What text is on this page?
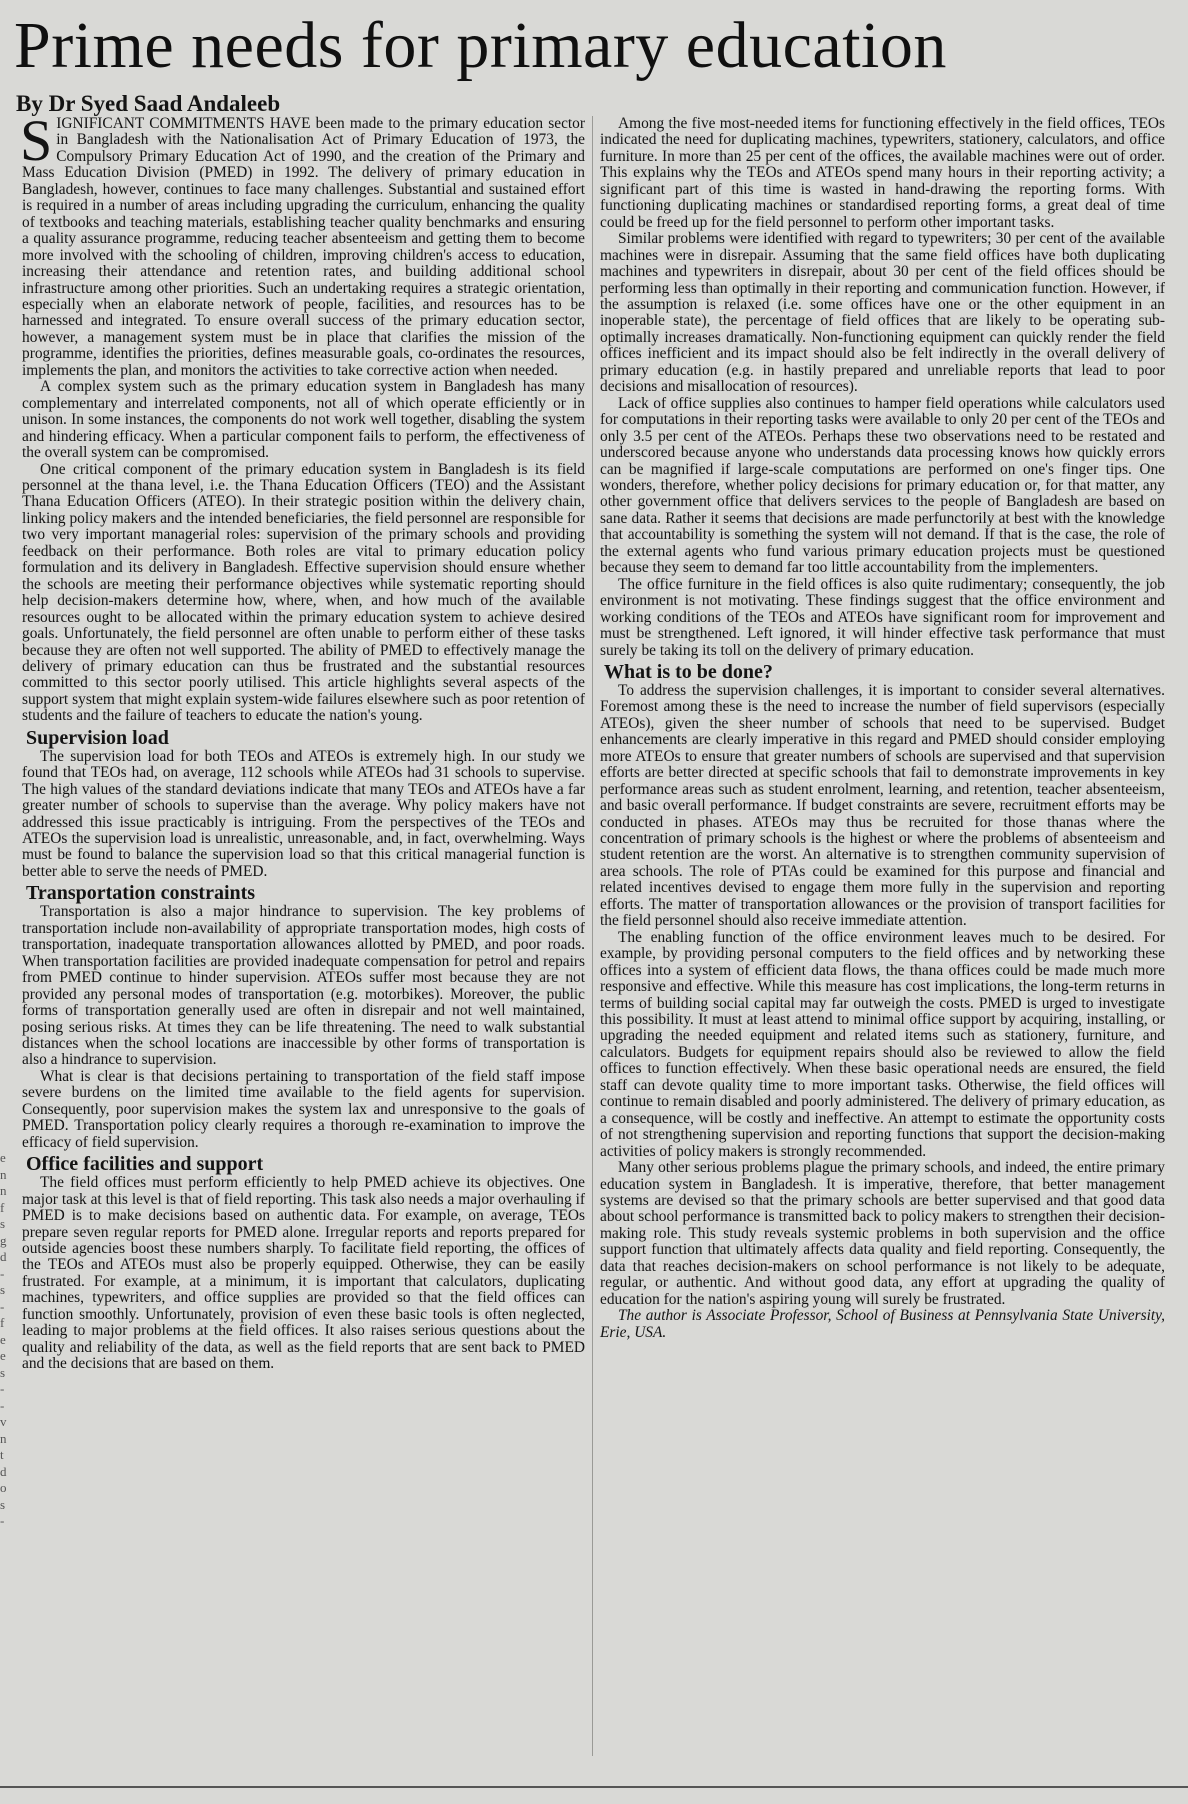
Prime needs for primary education
By Dr Syed Saad Andaleeb

SIGNIFICANT COMMITMENTS HAVE been made to the primary education sector in Bangladesh with the Nationalisation Act of Primary Education of 1973, the Compulsory Primary Education Act of 1990, and the creation of the Primary and Mass Education Division (PMED) in 1992. The delivery of primary education in Bangladesh, however, continues to face many challenges. Substantial and sustained effort is required in a number of areas including upgrading the curriculum, enhancing the quality of textbooks and teaching materials, establishing teacher quality benchmarks and ensuring a quality assurance programme, reducing teacher absenteeism and getting them to become more involved with the schooling of children, improving children's access to education, increasing their attendance and retention rates, and building additional school infrastructure among other priorities. Such an undertaking requires a strategic orientation, especially when an elaborate network of people, facilities, and resources has to be harnessed and integrated. To ensure overall success of the primary education sector, however, a management system must be in place that clarifies the mission of the programme, identifies the priorities, defines measurable goals, co-ordinates the resources, implements the plan, and monitors the activities to take corrective action when needed.

A complex system such as the primary education system in Bangladesh has many complementary and interrelated components, not all of which operate efficiently or in unison. In some instances, the components do not work well together, disabling the system and hindering efficacy. When a particular component fails to perform, the effectiveness of the overall system can be compromised.

One critical component of the primary education system in Bangladesh is its field personnel at the thana level, i.e. the Thana Education Officers (TEO) and the Assistant Thana Education Officers (ATEO). In their strategic position within the delivery chain, linking policy makers and the intended beneficiaries, the field personnel are responsible for two very important managerial roles: supervision of the primary schools and providing feedback on their performance. Both roles are vital to primary education policy formulation and its delivery in Bangladesh. Effective supervision should ensure whether the schools are meeting their performance objectives while systematic reporting should help decision-makers determine how, where, when, and how much of the available resources ought to be allocated within the primary education system to achieve desired goals. Unfortunately, the field personnel are often unable to perform either of these tasks because they are often not well supported. The ability of PMED to effectively manage the delivery of primary education can thus be frustrated and the substantial resources committed to this sector poorly utilised. This article highlights several aspects of the support system that might explain system-wide failures elsewhere such as poor retention of students and the failure of teachers to educate the nation's young.

Supervision load

The supervision load for both TEOs and ATEOs is extremely high. In our study we found that TEOs had, on average, 112 schools while ATEOs had 31 schools to supervise. The high values of the standard deviations indicate that many TEOs and ATEOs have a far greater number of schools to supervise than the average. Why policy makers have not addressed this issue practicably is intriguing. From the perspectives of the TEOs and ATEOs the supervision load is unrealistic, unreasonable, and, in fact, overwhelming. Ways must be found to balance the supervision load so that this critical managerial function is better able to serve the needs of PMED.

Transportation constraints

Transportation is also a major hindrance to supervision. The key problems of transportation include non-availability of appropriate transportation modes, high costs of transportation, inadequate transportation allowances allotted by PMED, and poor roads. When transportation facilities are provided inadequate compensation for petrol and repairs from PMED continue to hinder supervision. ATEOs suffer most because they are not provided any personal modes of transportation (e.g. motorbikes). Moreover, the public forms of transportation generally used are often in disrepair and not well maintained, posing serious risks. At times they can be life threatening. The need to walk substantial distances when the school locations are inaccessible by other forms of transportation is also a hindrance to supervision.

What is clear is that decisions pertaining to transportation of the field staff impose severe burdens on the limited time available to the field agents for supervision. Consequently, poor supervision makes the system lax and unresponsive to the goals of PMED. Transportation policy clearly requires a thorough re-examination to improve the efficacy of field supervision.

Office facilities and support

The field offices must perform efficiently to help PMED achieve its objectives. One major task at this level is that of field reporting. This task also needs a major overhauling if PMED is to make decisions based on authentic data. For example, on average, TEOs prepare seven regular reports for PMED alone. Irregular reports and reports prepared for outside agencies boost these numbers sharply. To facilitate field reporting, the offices of the TEOs and ATEOs must also be properly equipped. Otherwise, they can be easily frustrated. For example, at a minimum, it is important that calculators, duplicating machines, typewriters, and office supplies are provided so that the field offices can function smoothly. Unfortunately, provision of even these basic tools is often neglected, leading to major problems at the field offices. It also raises serious questions about the quality and reliability of the data, as well as the field reports that are sent back to PMED and the decisions that are based on them.

Among the five most-needed items for functioning effectively in the field offices, TEOs indicated the need for duplicating machines, typewriters, stationery, calculators, and office furniture. In more than 25 per cent of the offices, the available machines were out of order. This explains why the TEOs and ATEOs spend many hours in their reporting activity; a significant part of this time is wasted in hand-drawing the reporting forms. With functioning duplicating machines or standardised reporting forms, a great deal of time could be freed up for the field personnel to perform other important tasks.

Similar problems were identified with regard to typewriters; 30 per cent of the available machines were in disrepair. Assuming that the same field offices have both duplicating machines and typewriters in disrepair, about 30 per cent of the field offices should be performing less than optimally in their reporting and communication function. However, if the assumption is relaxed (i.e. some offices have one or the other equipment in an inoperable state), the percentage of field offices that are likely to be operating sub-optimally increases dramatically. Non-functioning equipment can quickly render the field offices inefficient and its impact should also be felt indirectly in the overall delivery of primary education (e.g. in hastily prepared and unreliable reports that lead to poor decisions and misallocation of resources).

Lack of office supplies also continues to hamper field operations while calculators used for computations in their reporting tasks were available to only 20 per cent of the TEOs and only 3.5 per cent of the ATEOs. Perhaps these two observations need to be restated and underscored because anyone who understands data processing knows how quickly errors can be magnified if large-scale computations are performed on one's finger tips. One wonders, therefore, whether policy decisions for primary education or, for that matter, any other government office that delivers services to the people of Bangladesh are based on sane data. Rather it seems that decisions are made perfunctorily at best with the knowledge that accountability is something the system will not demand. If that is the case, the role of the external agents who fund various primary education projects must be questioned because they seem to demand far too little accountability from the implementers.

The office furniture in the field offices is also quite rudimentary; consequently, the job environment is not motivating. These findings suggest that the office environment and working conditions of the TEOs and ATEOs have significant room for improvement and must be strengthened. Left ignored, it will hinder effective task performance that must surely be taking its toll on the delivery of primary education.

What is to be done?

To address the supervision challenges, it is important to consider several alternatives. Foremost among these is the need to increase the number of field supervisors (especially ATEOs), given the sheer number of schools that need to be supervised. Budget enhancements are clearly imperative in this regard and PMED should consider employing more ATEOs to ensure that greater numbers of schools are supervised and that supervision efforts are better directed at specific schools that fail to demonstrate improvements in key performance areas such as student enrolment, learning, and retention, teacher absenteeism, and basic overall performance. If budget constraints are severe, recruitment efforts may be conducted in phases. ATEOs may thus be recruited for those thanas where the concentration of primary schools is the highest or where the problems of absenteeism and student retention are the worst. An alternative is to strengthen community supervision of area schools. The role of PTAs could be examined for this purpose and financial and related incentives devised to engage them more fully in the supervision and reporting efforts. The matter of transportation allowances or the provision of transport facilities for the field personnel should also receive immediate attention.

The enabling function of the office environment leaves much to be desired. For example, by providing personal computers to the field offices and by networking these offices into a system of efficient data flows, the thana offices could be made much more responsive and effective. While this measure has cost implications, the long-term returns in terms of building social capital may far outweigh the costs. PMED is urged to investigate this possibility. It must at least attend to minimal office support by acquiring, installing, or upgrading the needed equipment and related items such as stationery, furniture, and calculators. Budgets for equipment repairs should also be reviewed to allow the field offices to function effectively. When these basic operational needs are ensured, the field staff can devote quality time to more important tasks. Otherwise, the field offices will continue to remain disabled and poorly administered. The delivery of primary education, as a consequence, will be costly and ineffective. An attempt to estimate the opportunity costs of not strengthening supervision and reporting functions that support the decision-making activities of policy makers is strongly recommended.

Many other serious problems plague the primary schools, and indeed, the entire primary education system in Bangladesh. It is imperative, therefore, that better management systems are devised so that the primary schools are better supervised and that good data about school performance is transmitted back to policy makers to strengthen their decision-making role. This study reveals systemic problems in both supervision and the office support function that ultimately affects data quality and field reporting. Consequently, the data that reaches decision-makers on school performance is not likely to be adequate, regular, or authentic. And without good data, any effort at upgrading the quality of education for the nation's aspiring young will surely be frustrated.

The author is Associate Professor, School of Business at Pennsylvania State University, Erie, USA.

e
n
n
f
s
g
d
-
s
-
f
e
e
s
-
-
v
n
t
d
o
s
-
